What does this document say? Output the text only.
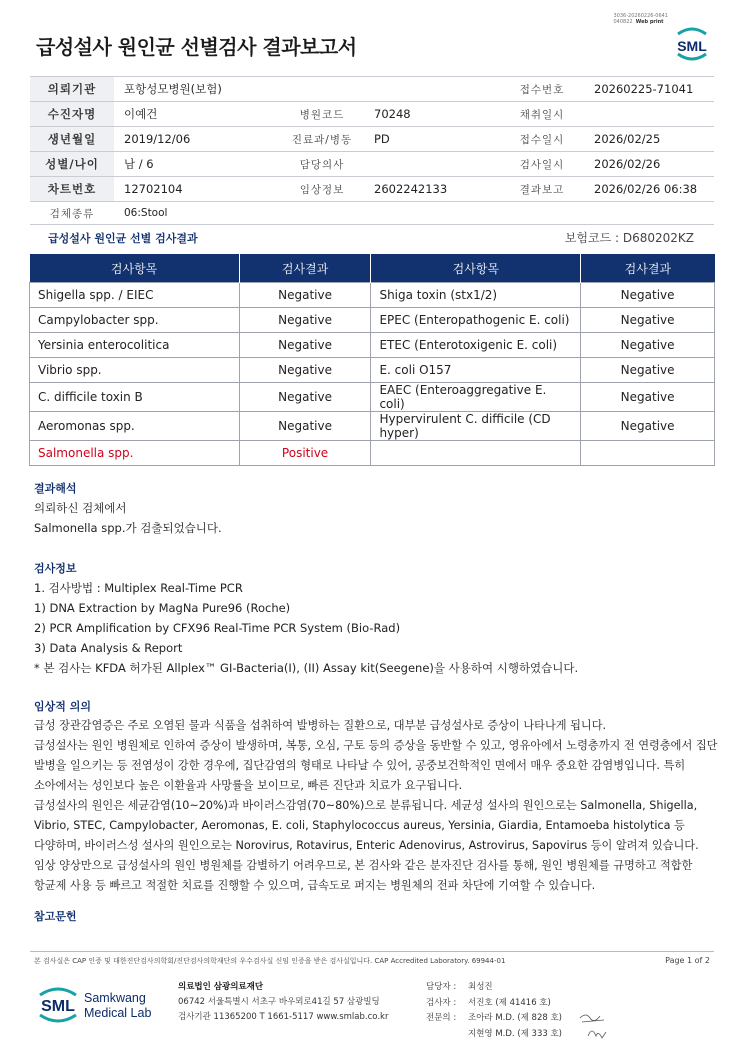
3036-20260226-0641
040822 Web print
급성설사 원인균 선별검사 결과보고서	SML
의뢰기관	포항성모병원(보험)			접수번호	20260225-71041
수진자명	이예건	병원코드	70248	채취일시	
생년월일	2019/12/06	진료과/병동	PD	접수일시	2026/02/25
성별/나이	남 / 6	담당의사		검사일시	2026/02/26
차트번호	12702104	임상정보	2602242133	결과보고	2026/02/26 06:38
검체종류	06:Stool				
급성설사 원인균 선별 검사결과	보험코드 : D680202KZ
검사항목	검사결과	검사항목	검사결과
Shigella spp. / EIEC	Negative	Shiga toxin (stx1/2)	Negative
Campylobacter spp.	Negative	EPEC (Enteropathogenic E. coli)	Negative
Yersinia enterocolitica	Negative	ETEC (Enterotoxigenic E. coli)	Negative
Vibrio spp.	Negative	E. coli O157	Negative
C. difficile toxin B	Negative	EAEC (Enteroaggregative E. coli)	Negative
Aeromonas spp.	Negative	Hypervirulent C. difficile (CD hyper)	Negative
Salmonella spp.	Positive		
결과해석
의뢰하신 검체에서
Salmonella spp.가 검출되었습니다.
검사정보
1. 검사방법 : Multiplex Real-Time PCR
1) DNA Extraction by MagNa Pure96 (Roche)
2) PCR Amplification by CFX96 Real-Time PCR System (Bio-Rad)
3) Data Analysis & Report
* 본 검사는 KFDA 허가된 Allplex™ GI-Bacteria(I), (II) Assay kit(Seegene)을 사용하여 시행하였습니다.
임상적 의의
급성 장관감염증은 주로 오염된 물과 식품을 섭취하여 발병하는 질환으로, 대부분 급성설사로 증상이 나타나게 됩니다.
급성설사는 원인 병원체로 인하여 증상이 발생하며, 복통, 오심, 구토 등의 증상을 동반할 수 있고, 영유아에서 노령층까지 전 연령층에서 집단
발병을 일으키는 등 전염성이 강한 경우에, 집단감염의 형태로 나타날 수 있어, 공중보건학적인 면에서 매우 중요한 감염병입니다. 특히
소아에서는 성인보다 높은 이환율과 사망률을 보이므로, 빠른 진단과 치료가 요구됩니다.
급성설사의 원인은 세균감염(10~20%)과 바이러스감염(70~80%)으로 분류됩니다. 세균성 설사의 원인으로는 Salmonella, Shigella,
Vibrio, STEC, Campylobacter, Aeromonas, E. coli, Staphylococcus aureus, Yersinia, Giardia, Entamoeba histolytica 등
다양하며, 바이러스성 설사의 원인으로는 Norovirus, Rotavirus, Enteric Adenovirus, Astrovirus, Sapovirus 등이 알려져 있습니다.
임상 양상만으로 급성설사의 원인 병원체를 감별하기 어려우므로, 본 검사와 같은 분자진단 검사를 통해, 원인 병원체를 규명하고 적합한
항균제 사용 등 빠르고 적절한 치료를 진행할 수 있으며, 급속도로 퍼지는 병원체의 전파 차단에 기여할 수 있습니다.
참고문헌
본 검사실은 CAP 인증 및 대한진단검사의학회/진단검사의학재단의 우수검사실 신임 인증을 받은 검사실입니다. CAP Accredited Laboratory. 69944-01	Page 1 of 2
SML Samkwang
Medical Lab
의료법인 삼광의료재단
06742 서울특별시 서초구 바우뫼로41길 57 삼광빌딩
검사기관 11365200 T 1661-5117 www.smlab.co.kr
담당자 : 최성진
검사자 : 서진호 (제 41416 호)
전문의 : 조아라 M.D. (제 828 호)
지현영 M.D. (제 333 호)
